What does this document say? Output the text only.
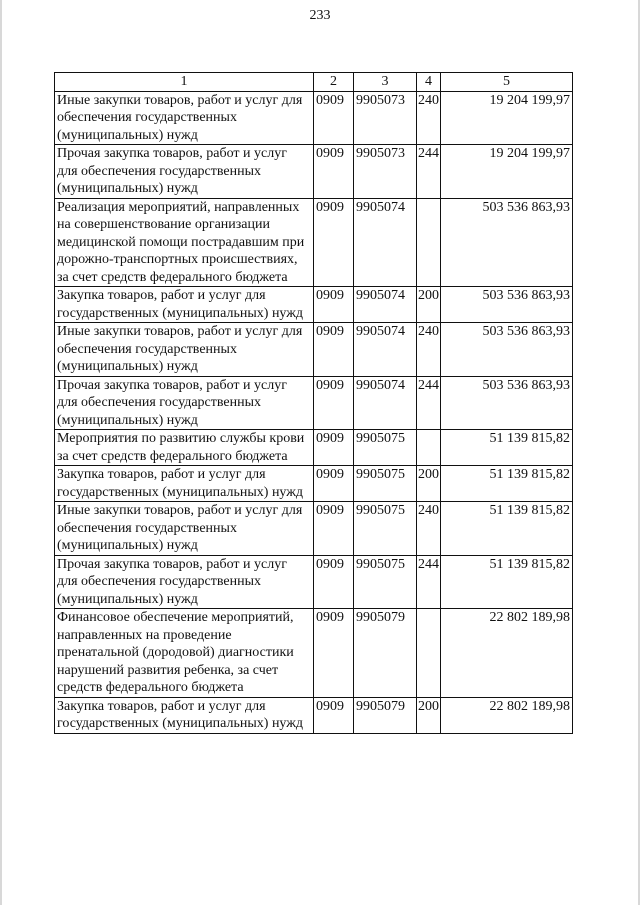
233
1	2	3	4	5
Иные закупки товаров, работ и услуг для обеспечения государственных (муниципальных) нужд	0909	9905073	240	19 204 199,97
Прочая закупка товаров, работ и услуг для обеспечения государственных (муниципальных) нужд	0909	9905073	244	19 204 199,97
Реализация мероприятий, направленных на совершенствование организации медицинской помощи пострадавшим при дорожно-транспортных происшествиях, за счет средств федерального бюджета	0909	9905074		503 536 863,93
Закупка товаров, работ и услуг для государственных (муниципальных) нужд	0909	9905074	200	503 536 863,93
Иные закупки товаров, работ и услуг для обеспечения государственных (муниципальных) нужд	0909	9905074	240	503 536 863,93
Прочая закупка товаров, работ и услуг для обеспечения государственных (муниципальных) нужд	0909	9905074	244	503 536 863,93
Мероприятия по развитию службы крови за счет средств федерального бюджета	0909	9905075		51 139 815,82
Закупка товаров, работ и услуг для государственных (муниципальных) нужд	0909	9905075	200	51 139 815,82
Иные закупки товаров, работ и услуг для обеспечения государственных (муниципальных) нужд	0909	9905075	240	51 139 815,82
Прочая закупка товаров, работ и услуг для обеспечения государственных (муниципальных) нужд	0909	9905075	244	51 139 815,82
Финансовое обеспечение мероприятий, направленных на проведение пренатальной (дородовой) диагностики нарушений развития ребенка, за счет средств федерального бюджета	0909	9905079		22 802 189,98
Закупка товаров, работ и услуг для государственных (муниципальных) нужд	0909	9905079	200	22 802 189,98
